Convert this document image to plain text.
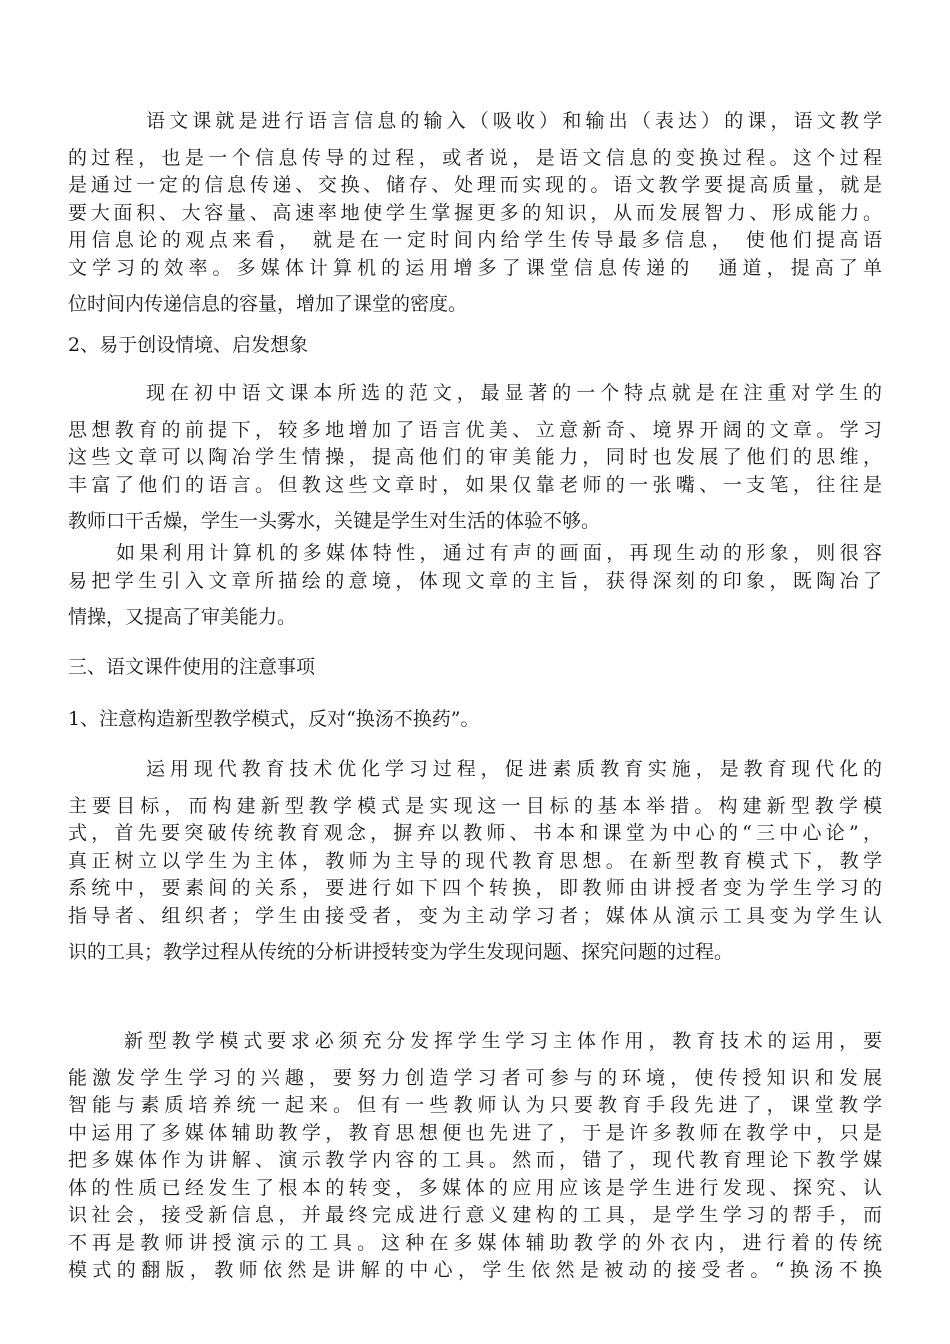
语文课就是进行语言信息的输入（吸收）和输出（表达）的课，语文教学
的过程，也是一个信息传导的过程，或者说，是语文信息的变换过程。这个过程
是通过一定的信息传递、交换、储存、处理而实现的。语文教学要提高质量，就是
要大面积、大容量、高速率地使学生掌握更多的知识，从而发展智力、形成能力。
用信息论的观点来看， 就是在一定时间内给学生传导最多信息， 使他们提高语
文学习的效率。多媒体计算机的运用增多了课堂信息传递的　通道，提高了单
位时间内传递信息的容量，增加了课堂的密度。

2、易于创设情境、启发想象

现在初中语文课本所选的范文，最显著的一个特点就是在注重对学生的
思想教育的前提下，较多地增加了语言优美、立意新奇、境界开阔的文章。学习
这些文章可以陶冶学生情操，提高他们的审美能力，同时也发展了他们的思维，
丰富了他们的语言。但教这些文章时，如果仅靠老师的一张嘴、一支笔，往往是
教师口干舌燥，学生一头雾水，关键是学生对生活的体验不够。

如果利用计算机的多媒体特性，通过有声的画面，再现生动的形象，则很容
易把学生引入文章所描绘的意境，体现文章的主旨，获得深刻的印象，既陶冶了
情操，又提高了审美能力。

三、语文课件使用的注意事项

1、注意构造新型教学模式，反对“换汤不换药”。

运用现代教育技术优化学习过程，促进素质教育实施，是教育现代化的
主要目标，而构建新型教学模式是实现这一目标的基本举措。构建新型教学模
式，首先要突破传统教育观念，摒弃以教师、书本和课堂为中心的“三中心论”，
真正树立以学生为主体，教师为主导的现代教育思想。在新型教育模式下，教学
系统中，要素间的关系，要进行如下四个转换，即教师由讲授者变为学生学习的
指导者、组织者；学生由接受者，变为主动学习者；媒体从演示工具变为学生认
识的工具；教学过程从传统的分析讲授转变为学生发现问题、探究问题的过程。

新型教学模式要求必须充分发挥学生学习主体作用，教育技术的运用，要
能激发学生学习的兴趣，要努力创造学习者可参与的环境，使传授知识和发展
智能与素质培养统一起来。但有一些教师认为只要教育手段先进了，课堂教学
中运用了多媒体辅助教学，教育思想便也先进了，于是许多教师在教学中，只是
把多媒体作为讲解、演示教学内容的工具。然而，错了，现代教育理论下教学媒
体的性质已经发生了根本的转变，多媒体的应用应该是学生进行发现、探究、认
识社会，接受新信息，并最终完成进行意义建构的工具，是学生学习的帮手，而
不再是教师讲授演示的工具。这种在多媒体辅助教学的外衣内，进行着的传统
模式的翻版，教师依然是讲解的中心，学生依然是被动的接受者。“换汤不换
